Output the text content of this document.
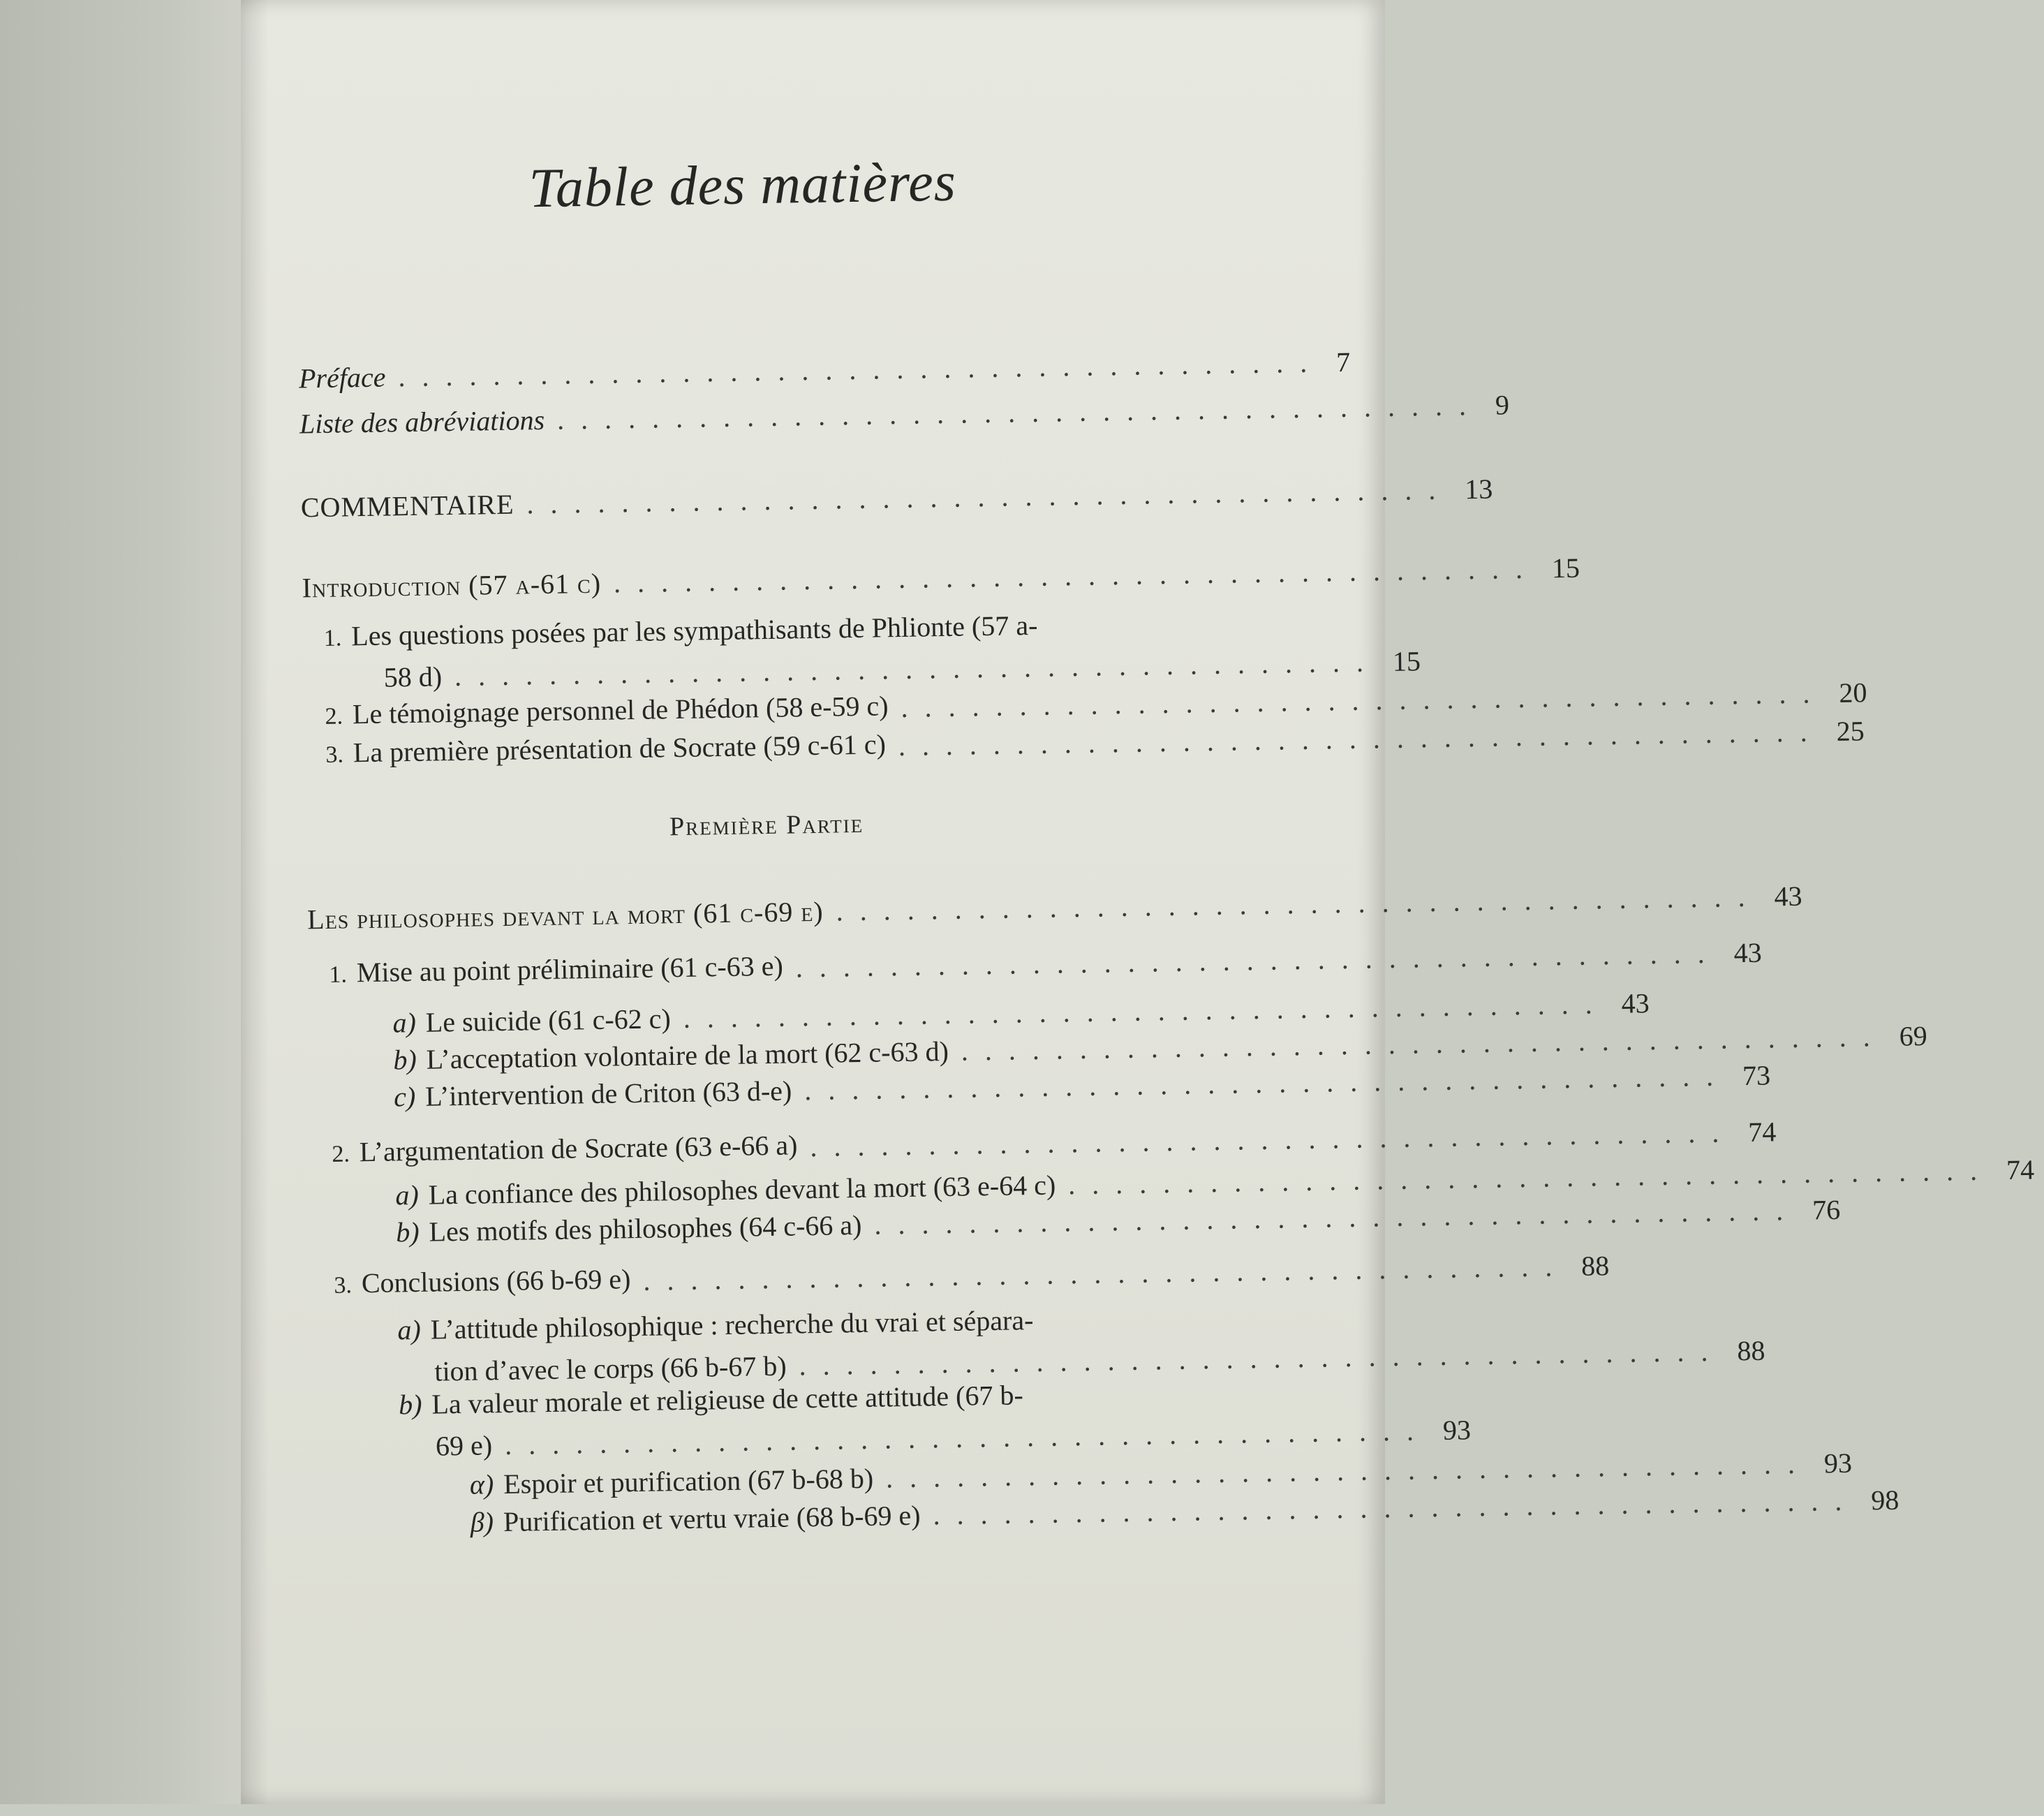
Table des matières
Préface ....................................... 7
Liste des abréviations ....................................... 9
COMMENTAIRE ....................................... 13
Introduction (57 a-61 c) ....................................... 15
1. Les questions posées par les sympathisants de Phlionte (57 a-
58 d) ....................................... 15
2. Le témoignage personnel de Phédon (58 e-59 c) ....................................... 20
3. La première présentation de Socrate (59 c-61 c) ....................................... 25
Première Partie
Les philosophes devant la mort (61 c-69 e) ....................................... 43
1. Mise au point préliminaire (61 c-63 e) ....................................... 43
a) Le suicide (61 c-62 c) ....................................... 43
b) L’acceptation volontaire de la mort (62 c-63 d) ....................................... 69
c) L’intervention de Criton (63 d-e) ....................................... 73
2. L’argumentation de Socrate (63 e-66 a) ....................................... 74
a) La confiance des philosophes devant la mort (63 e-64 c) ....................................... 74
b) Les motifs des philosophes (64 c-66 a) ....................................... 76
3. Conclusions (66 b-69 e) ....................................... 88
a) L’attitude philosophique : recherche du vrai et sépara-
tion d’avec le corps (66 b-67 b) ....................................... 88
b) La valeur morale et religieuse de cette attitude (67 b-
69 e) ....................................... 93
α) Espoir et purification (67 b-68 b) ....................................... 93
β) Purification et vertu vraie (68 b-69 e) ....................................... 98
